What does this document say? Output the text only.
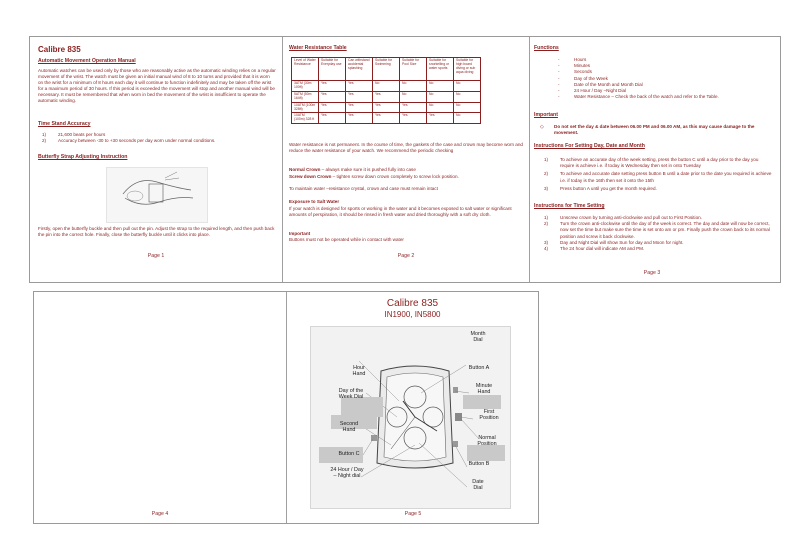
Calibre 835

Automatic Movement Operation Manual

Automatic watches can be used only by those who are reasonably active as the automatic winding relies on a regular movement of the wrist. The watch must be given an initial manual wind of 8 to 10 turns and provided that it is worn on the wrist for a minimum of 8 hours each day it will continue to function indefinitely and may be taken off the wrist for a maximum period of 30 hours. If this period is exceeded the movement will stop and another manual wind will be necessary. It must be remembered that when worn in bed the movement of the wrist is insufficient to operate the automatic winding.

Time Stand Accuracy

1)	21,600 beats per hours
2)	Accuracy between -30 to +30 seconds per day worn under normal conditions.

Butterfly Strap Adjusting Instruction

Firstly, open the butterfly buckle and then pull out the pin. Adjust the strap to the required length, and then push back the pin into the correct hole. Finally, close the butterfly buckle until it clicks into place.

Page 1

Water Resistance Table

Level of Water Resistance	Suitable for Everyday use	Can withstand accidental splashing	Suitable for Swimming	Suitable for Pool Size	Suitable for snorkelling or water sports	Suitable for high board diving or sub aqua diving
3ATM (30m 100ft)	Yes	Yes	No	No	No	No
5ATM (50m 164ft)	Yes	Yes	Yes	No	No	No
10ATM (100m 328ft)	Yes	Yes	Yes	Yes	No	No
10ATM (100m) 328 ft	Yes	Yes	Yes	Yes	Yes	No

Water resistance is not permanent. In the course of time, the gaskets of the case and crown may become worn and reduce the water resistance of your watch. We recommend the periodic checking

Normal Crown – always make sure it is pushed fully into case

Screw down Crown – tighten screw down crown completely to screw lock position.

To maintain water –resistance crystal, crown and case must remain intact

Exposure to Salt Water

If your watch is designed for sports or working in the water and it becomes exposed to salt water or significant amounts of perspiration, it should be rinsed in fresh water and dried thoroughly with a soft dry cloth.

Important

Buttons must not be operated while in contact with water

Page 2

Functions

-	Hours
-	Minutes
-	Seconds
-	Day of the Week
-	Date of the Month and Month Dial
-	24 Hour / Day –Night Dial
-	Water Resistance – Check the back of the watch and refer to the Table.

Important

◇	Do not set the day & date between 06.00 PM and 06.00 AM, as this may cause damage to the movement.

Instructions For Setting Day, Date and Month

1)	To achieve an accurate day of the week setting, press the button C until a day prior to the day you require is achieve i.e. if today is Wednesday then set in onto Tuesday
2)	To achieve and accurate date setting press button B until a date prior to the date you required is achieve i.e. if today is the 16th then set it onto the 15th
3)	Press button A until you get the month required.

Instructions for Time Setting

1)	Unscrew crown by turning anti-clockwise and pull out to First Position.
2)	Turn the crown anti-clockwise until the day of the week is correct. The day and date will now be correct, now set the time but make sure the time is set onto am or pm. Finally push the crown back to its normal position and screw it back clockwise.
3)	Day and Night Dial will show Sun for day and Moon for night.
4)	The 24 hour dial will indicate AM and PM.
Page 3
Page 4

Calibre 835

IN1900, IN5800

Month
Dial
Hour
Hand
Button A
Day of the
Week Dial
Minute
Hand
First
Position
Second
Hand
Normal
Position
Button C
Button B
24 Hour / Day
– Night dial
Date
Dial
Page 5
